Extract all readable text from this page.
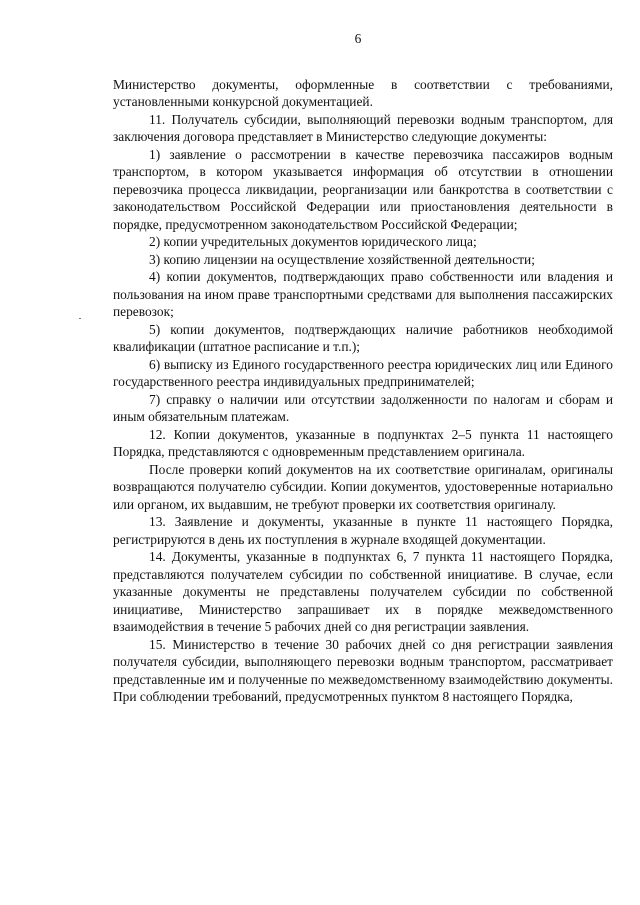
6

Министерство документы, оформленные в соответствии с требованиями, установленными конкурсной документацией.

11. Получатель субсидии, выполняющий перевозки водным транспортом, для заключения договора представляет в Министерство следующие документы:

1) заявление о рассмотрении в качестве перевозчика пассажиров водным транспортом, в котором указывается информация об отсутствии в отношении перевозчика процесса ликвидации, реорганизации или банкротства в соответствии с законодательством Российской Федерации или приостановления деятельности в порядке, предусмотренном законодательством Российской Федерации;

2) копии учредительных документов юридического лица;

3) копию лицензии на осуществление хозяйственной деятельности;

4) копии документов, подтверждающих право собственности или владения и пользования на ином праве транспортными средствами для выполнения пассажирских перевозок;

5) копии документов, подтверждающих наличие работников необходимой квалификации (штатное расписание и т.п.);

6) выписку из Единого государственного реестра юридических лиц или Единого государственного реестра индивидуальных предпринимателей;

7) справку о наличии или отсутствии задолженности по налогам и сборам и иным обязательным платежам.

12. Копии документов, указанные в подпунктах 2–5 пункта 11 настоящего Порядка, представляются с одновременным представлением оригинала.

После проверки копий документов на их соответствие оригиналам, оригиналы возвращаются получателю субсидии. Копии документов, удостоверенные нотариально или органом, их выдавшим, не требуют проверки их соответствия оригиналу.

13. Заявление и документы, указанные в пункте 11 настоящего Порядка, регистрируются в день их поступления в журнале входящей документации.

14. Документы, указанные в подпунктах 6, 7 пункта 11 настоящего Порядка, представляются получателем субсидии по собственной инициативе. В случае, если указанные документы не представлены получателем субсидии по собственной инициативе, Министерство запрашивает их в порядке межведомственного взаимодействия в течение 5 рабочих дней со дня регистрации заявления.

15. Министерство в течение 30 рабочих дней со дня регистрации заявления получателя субсидии, выполняющего перевозки водным транспортом, рассматривает представленные им и полученные по межведомственному взаимодействию документы. При соблюдении требований, предусмотренных пунктом 8 настоящего Порядка,
